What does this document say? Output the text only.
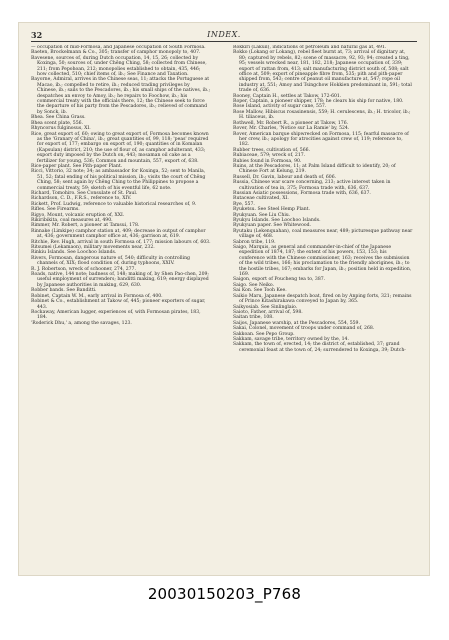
32	INDEX.

— occupation of mid-Formosa, and Japanese occupation of South Formosa.

Baeten, Brockelmann & Co., 305; transfer of camphor monopoly to, 407.

Bavesene, sources of, during Dutch occupation, 14, 15, 26; collected by Koxinga, 50; sources of, under Chêng Ching, 58; collected from Chinese, 211; from Pepohoan, 212; monopolies established to obtain, 435, 446; how collected, 510; chief items of, ib.; See Finance and Taxation.

Bayorne, Admiral, arrives in the Chinese seas, 11; attacks the Portuguese at Macao, ib.; compelled to retire, ib.; reduced trading privileges by Chinese, ib.; sails to the Pescadores, ib.; his small ships of the natives, ib.; despatches an envoy to Amoy, ib.; he repairs to Foochow, ib.; his commercial treaty with the officials there, 12; the Chinese seek to force the departure of his party from the Pescadores, ib.; relieved of command by Sonck, ib.

Bhea. See China Grass.

Bhea scent plate, 556.

Rhyncorus fulginosus, XI.

Rice, great export of, 60; owing to great export of, Formosa becomes known as the 'Granary of China', ib.; great quantities of, 99, 118; 'peas' required for export of, 177; embargo on export of, 190; quantities of in Komalan (Kapsulan) district, 210; the use of flour of, as camphor adulterant, 433; export duty imposed by the Dutch on, 443; mosaman oil cake as a fertilizer for young, 536; Common and mountain, 557, export of, 638.

Rice-paper plant. See Pith-paper Plant.

Ricci, Vittorio, 32 note; 34; as ambassador for Koxinga, 52; sent to Manila, 51, 52; fatal ending of his political mission, ib.; visits the court of Chêng Ching, 58; sent again by Chêng Ching to the Philippines to propose a commercial treaty, 59; sketch of his eventful life, 62 note.

Richard, Tomohiro. See Consulate of St. Paul.

Richardson, C. D., F.R.S., reference to, XIV.

Rickett, Prof. Ludwig, reference to valuable historical researches of, 9.

Rifles. See Firearms.

Rigyo, Mount, volcanic eruption of, XXI.

Rikiribikita, coal measures at, 490.

Rimmer, Mr. Robert, a pioneer at Tamsui, 178.

Rinnake (Limkipe) camphor station at, 409; decrease in output of camphor at, 436; government camphor office at, 436; garrison at, 619.

Ritchie, Rev. Hugh, arrival in south Formosa of, 177; mission labours of, 603.

Ritsumei (Lekamaon), military movements near, 232.

Rinkiu Islands. See Loochoo Islands.

Rivers, Formosan, dangerous nature of, 540; difficulty in controlling channels of, XIX; flood condition of, during typhoons, XXIV.

R. J. Robertson, wreck of schooner, 274, 277.

Roads, native, 144 note; badness of, 148; making of, by Shen Pao-chen, 209; useful employment of surrenders; banditti making, 619; energy displayed by Japanese authorities in making, 629, 630.

Robber bands. See Banditti.

Robinet, Captain W. M., early arrival in Formosa of, 400.

Robinet & Co., establishment at Takow of, 445; pioneer exporters of sugar, 443.

Rockaway, American lugger, experiences of, with Formosan pirates, 183, 184.

'Roderick Dhu,' a, among the savages, 123.

Rokkiri (Lakuil), indications of petroleum and natural gas at, 491.

Rokko (Lokang or Lokang), rebel fleet burnt at, 73; arrival of dignitary at, 80; captured by rebels, 82; scene of massacre, 92, 93; 94; created a ting, 95; vessels wrecked near, 181, 182, 218; Japanese occupation of, 339; export of rattan from, 413; salt manufacturing district south of, 508; salt office at, 509; export of pineapple fibre from, 535; pith and pith-paper shipped from, 543; centre of peanut oil manufacture at, 547; rope oil industry at, 551; Amoy and Tsingchow Hokkien predominant in, 591; total trade of, 636.

Rooney, Captain H., settles at Takow, 172-601.

Roper, Captain, a pioneer shipper, 178; he clears his ship for native, 180.

Rose Island, activity of sugar cane, 557.

Rose Mallow, Hibiscus rosasinensis, 559; H. cerulescens, ib.; H. tricolor, ib.; H. tiliaceus, ib.

Rothwell, Mr. Robert R., a pioneer at Takow, 176.

Rover, Mr. Charles, 'Notice sur La Ramie' by, 524.

Rover, American barque shipwrecked on Formosa, 115; fearful massacre of her crew, ib.; apology for atrocities against crew of, 119; reference to, 182.

Rubber trees, cultivation of, 566.

Rubiaceae, 579; wreck of, 217.

Rubies found in Formosa, 90.

Ruins, at the Pescadores, 11; at Palm Island difficult to identify, 20; of Chinese Fort at Kelung, 219.

Russell, Dr. Gavin, labour and death of, 606.

Russia, Chinese war scare concerning, 213; active interest taken in cultivation of tea in, 375; Formosa trade with, 636, 637.

Russian Asiatic possessions, Formosa trade with, 636, 637.

Rutaceae cultivated, XI.

Rye, 557.

Ryuketsu. See Steel Hemp Plant.

Ryukyuan. See Liu Chiu.

Ryukyu Islands. See Loochoo Islands.

Ryukyuan paper. See Whitewood.

Ryutaku (Lekenquahan), coal measures near, 489; picturesque pathway near village of, 468.

Sabron tribe, 119.

Saigo, Marquis, as general and commander-in-chief of the Japanese expedition of 1874, 187; the extent of his powers, 153, 153; his conference with the Chinese commissioner, 163; receives the submission of the wild tribes, 166; his proclamation to the friendly aborigines, ib.; to the hostile tribes, 167; embarks for Japan, ib.; position held in expedition, 169.

Saigon, export of Poucheng tea to, 387.

Saigo. See Neiko.

Sai Kon. See Tooh Kee.

Saikio Maru, Japanese despatch boat, fired on by Anping forts, 321; remains of Prince Kitashirakawa conveyed to Japan by, 365.

Saikyosiab. See Sinlinglaio.

Saioto, Father, arrival of, 598.

Saitan tribe, 108.

Saijos, Japanese warship, at the Pescadores, 554, 559.

Sakai, Colonel, movement of troops under command of, 268.

Sakkoan. See Pepo Group.

Sakkam, savage tribe, territory owned by the, 14.

Sakkam, the town of, erected, 14; the district of, established, 37; grand ceremonial feast at the town of, 24; surrendered to Koxinga, 39; Dutch-

20030150203_P768
